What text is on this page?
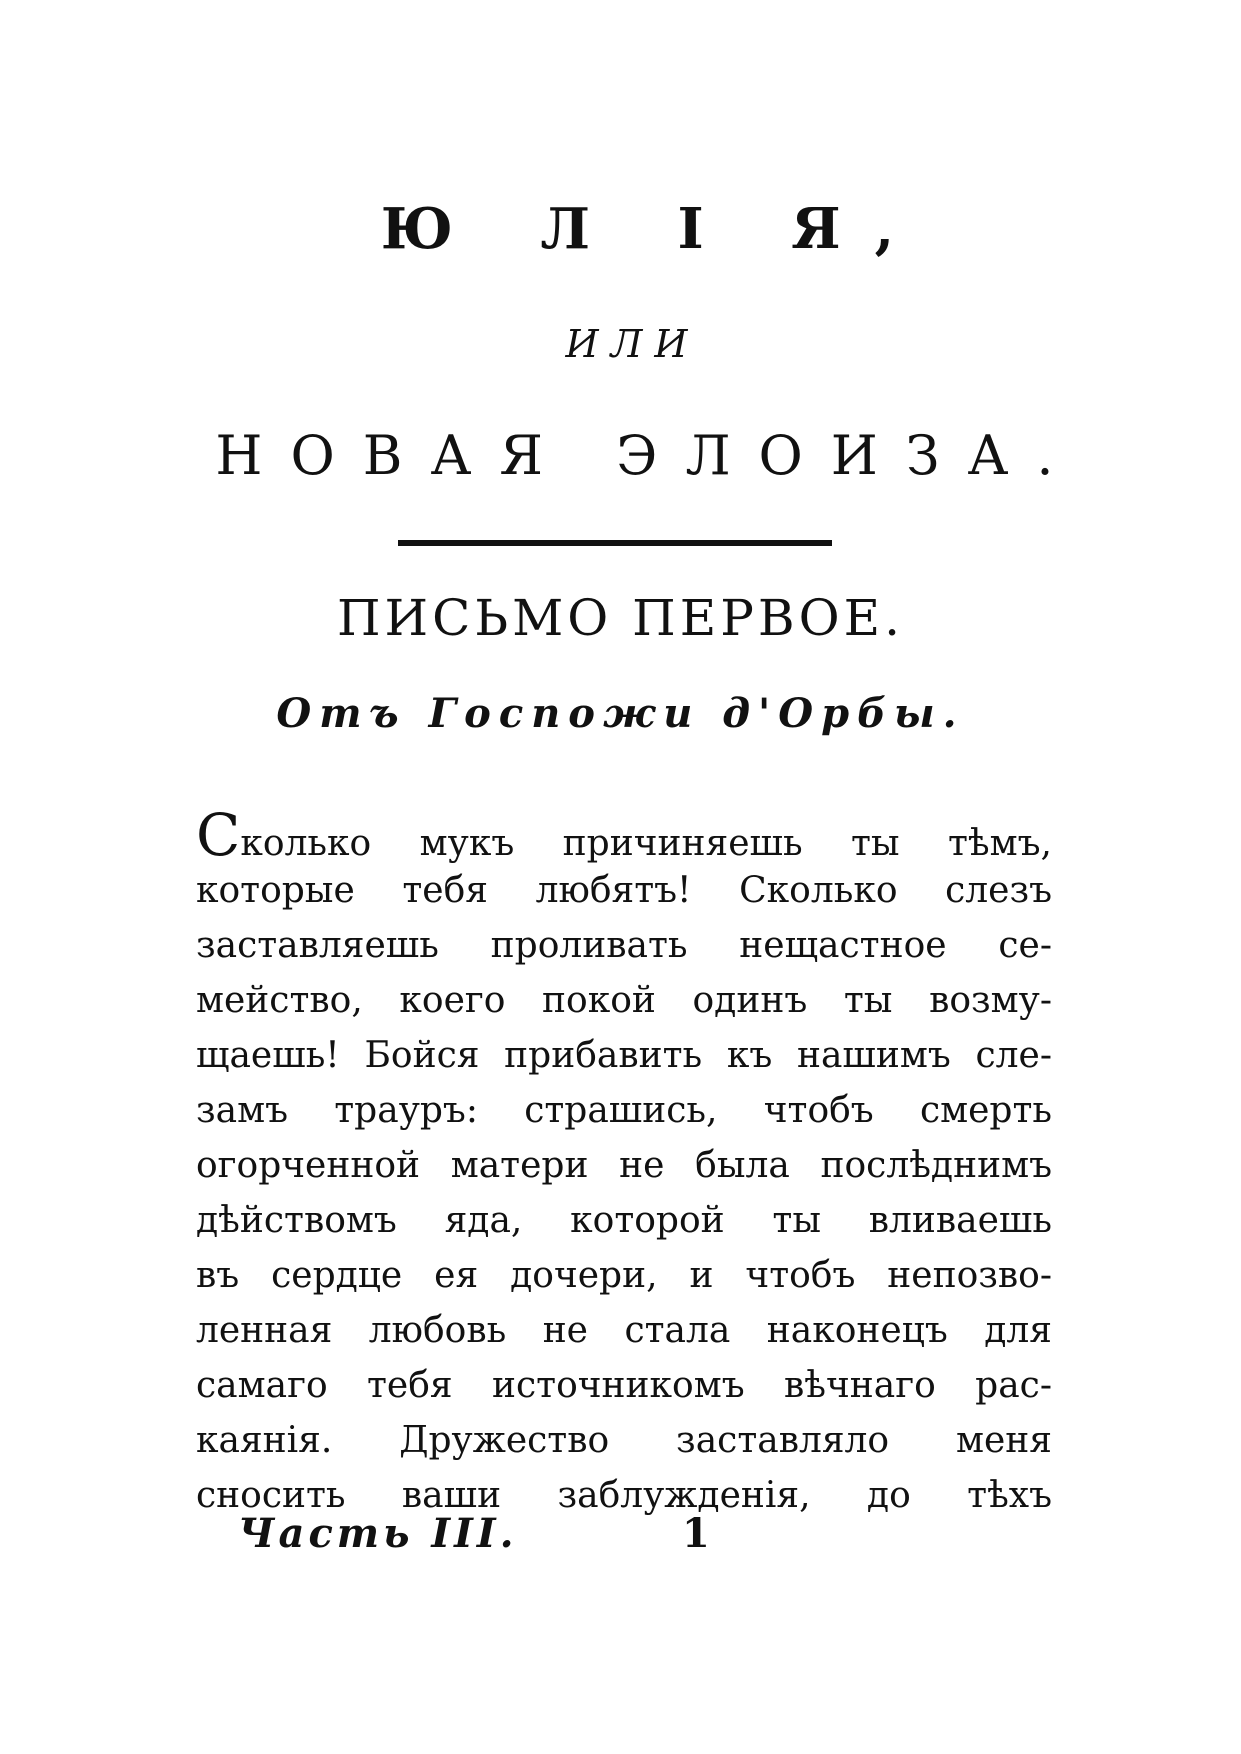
Ю Л І Я,
ИЛИ
НОВАЯ ЭЛОИЗА.
ПИСЬМО ПЕРВОЕ.
Отъ Госпожи д'Орбы.
Сколько мукъ причиняешь ты тѣмъ,
которые тебя любятъ! Сколько слезъ
заставляешь проливать нещастное се-
мейство, коего покой одинъ ты возму-
щаешь! Бойся прибавить къ нашимъ сле-
замъ трауръ: страшись, чтобъ смерть
огорченной матери не была послѣднимъ
дѣйствомъ яда, которой ты вливаешь
въ сердце ея дочери, и чтобъ непозво-
ленная любовь не стала наконецъ для
самаго тебя источникомъ вѣчнаго рас-
каянія. Дружество заставляло меня
сносить ваши заблужденія, до тѣхъ
Часть III.	1
